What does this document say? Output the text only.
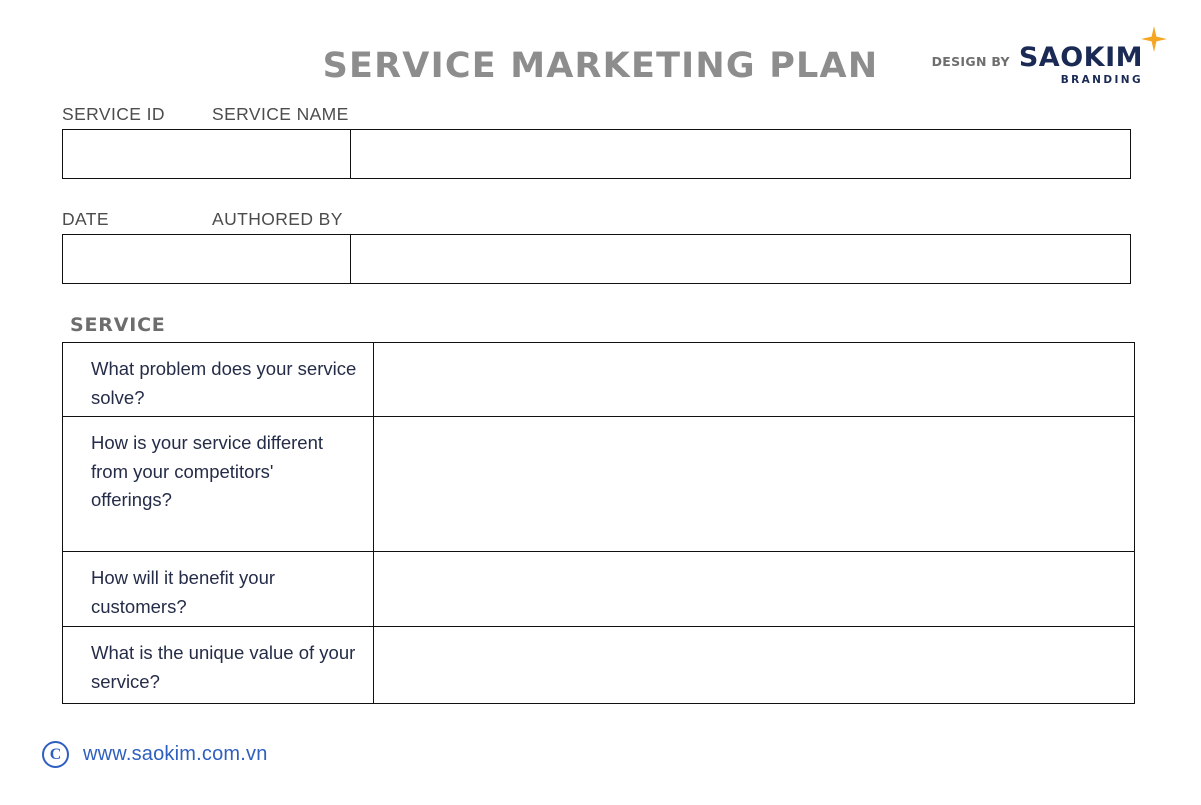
SERVICE MARKETING PLAN	DESIGN BY SAOKIM
BRANDING
SERVICE ID	SERVICE NAME
DATE	AUTHORED BY
SERVICE
What problem does your service solve?
How is your service different from your competitors' offerings?
How will it benefit your customers?
What is the unique value of your service?
C	www.saokim.com.vn
